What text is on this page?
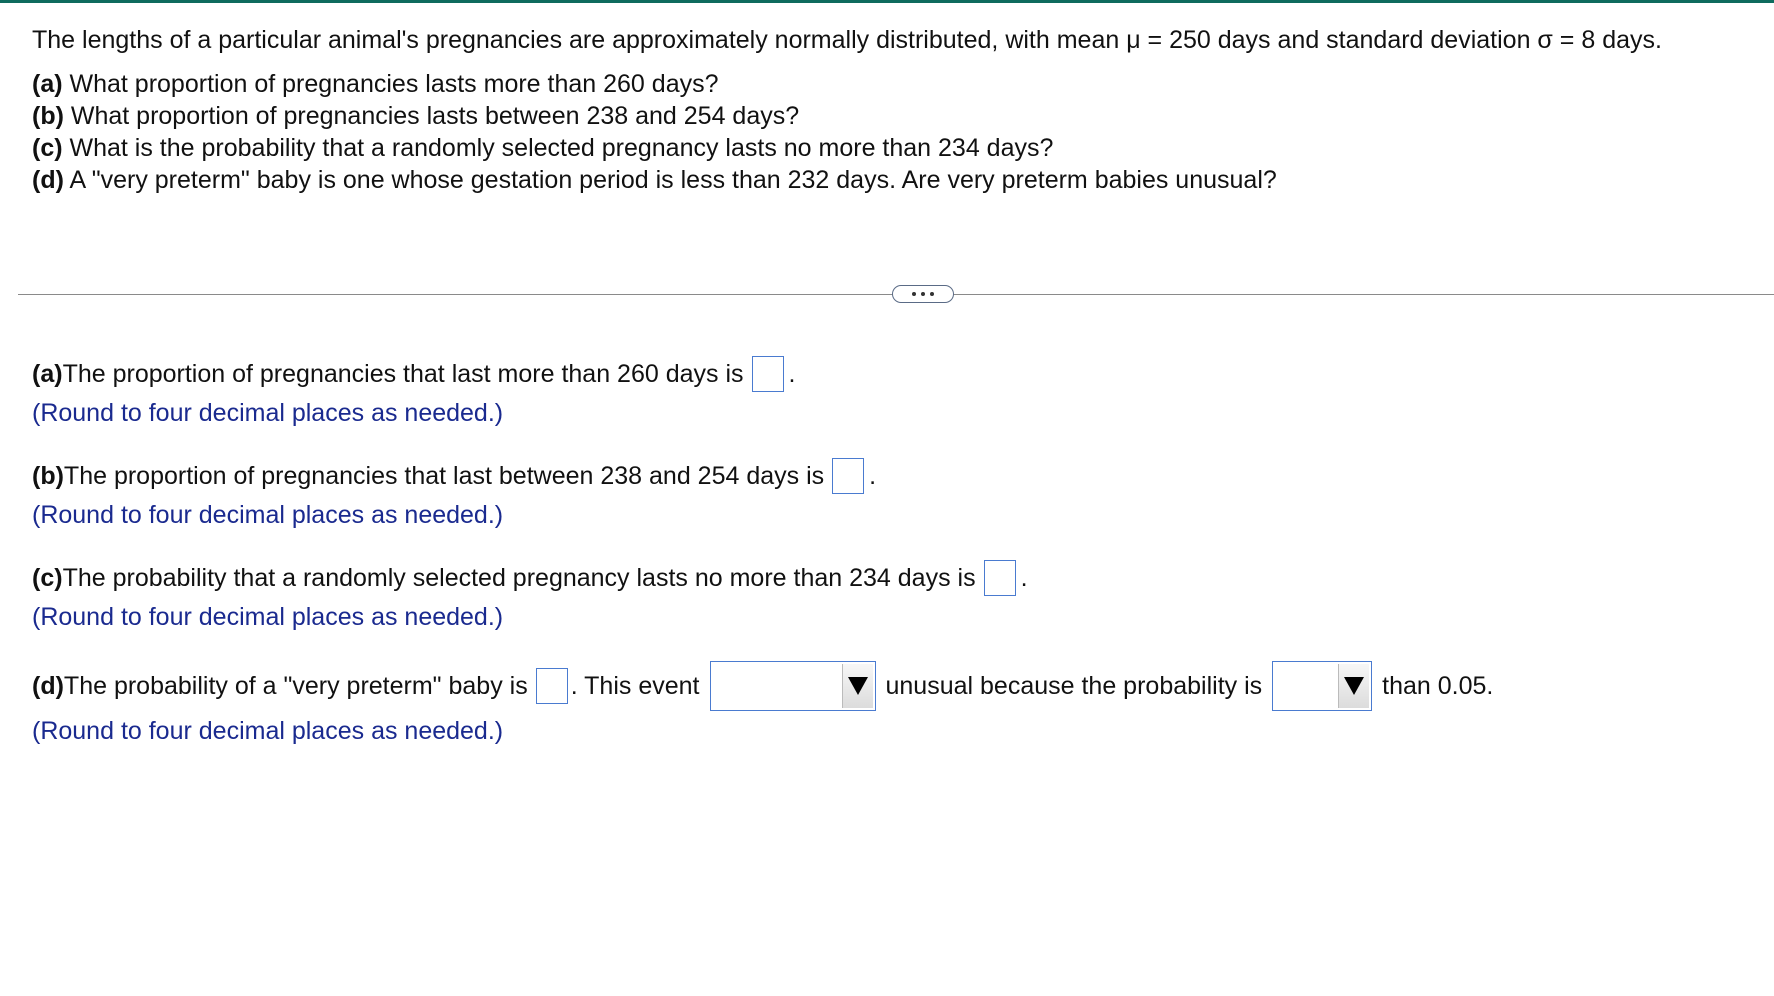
The lengths of a particular animal's pregnancies are approximately normally distributed, with mean μ = 250 days and standard deviation σ = 8 days.
(a) What proportion of pregnancies lasts more than 260 days?
(b) What proportion of pregnancies lasts between 238 and 254 days?
(c) What is the probability that a randomly selected pregnancy lasts no more than 234 days?
(d) A "very preterm" baby is one whose gestation period is less than 232 days. Are very preterm babies unusual?
(a) The proportion of pregnancies that last more than 260 days is .
(Round to four decimal places as needed.)
(b) The proportion of pregnancies that last between 238 and 254 days is .
(Round to four decimal places as needed.)
(c) The probability that a randomly selected pregnancy lasts no more than 234 days is .
(Round to four decimal places as needed.)
(d) The probability of a "very preterm" baby is . This event	unusual because the probability is	than 0.05.
(Round to four decimal places as needed.)
